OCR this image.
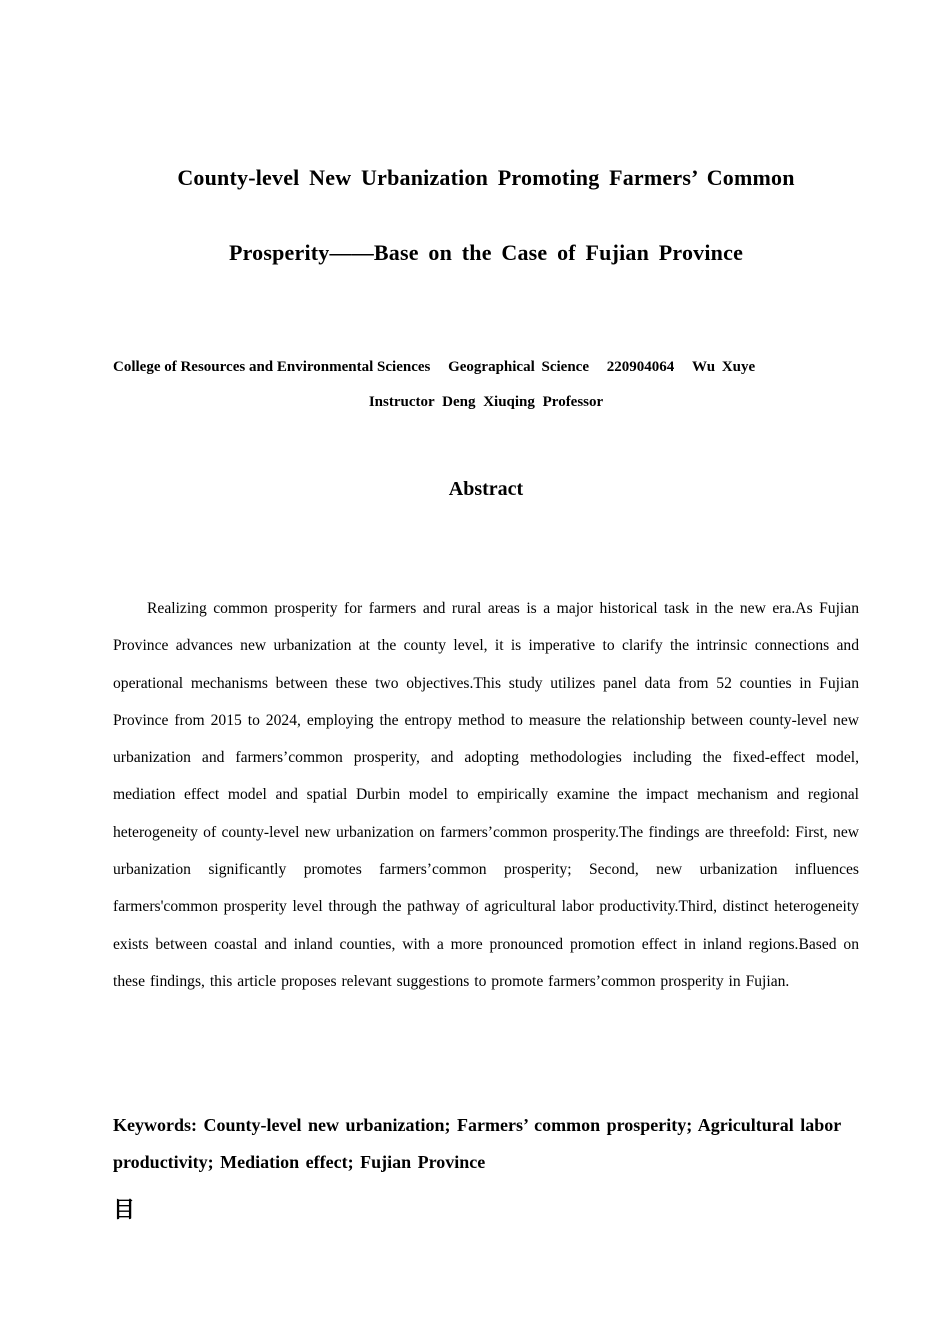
County-level New Urbanization Promoting Farmers’ Common
Prosperity——Base on the Case of Fujian Province
College of Resources and Environmental Sciences Geographical Science 220904064 Wu Xuye
Instructor Deng Xiuqing Professor
Abstract

Realizing common prosperity for farmers and rural areas is a major historical task in the new era.As Fujian Province advances new urbanization at the county level, it is imperative to clarify the intrinsic connections and operational mechanisms between these two objectives.This study utilizes panel data from 52 counties in Fujian Province from 2015 to 2024, employing the entropy method to measure the relationship between county-level new urbanization and farmers’common prosperity, and adopting methodologies including the fixed-effect model, mediation effect model and spatial Durbin model to empirically examine the impact mechanism and regional heterogeneity of county-level new urbanization on farmers’common prosperity.The findings are threefold: First, new urbanization significantly promotes farmers’common prosperity; Second, new urbanization influences farmers'common prosperity level through the pathway of agricultural labor productivity.Third, distinct heterogeneity exists between coastal and inland counties, with a more pronounced promotion effect in inland regions.Based on these findings, this article proposes relevant suggestions to promote farmers’common prosperity in Fujian.

Keywords: County-level new urbanization; Farmers’ common prosperity; Agricultural labor productivity; Mediation effect; Fujian Province

目
